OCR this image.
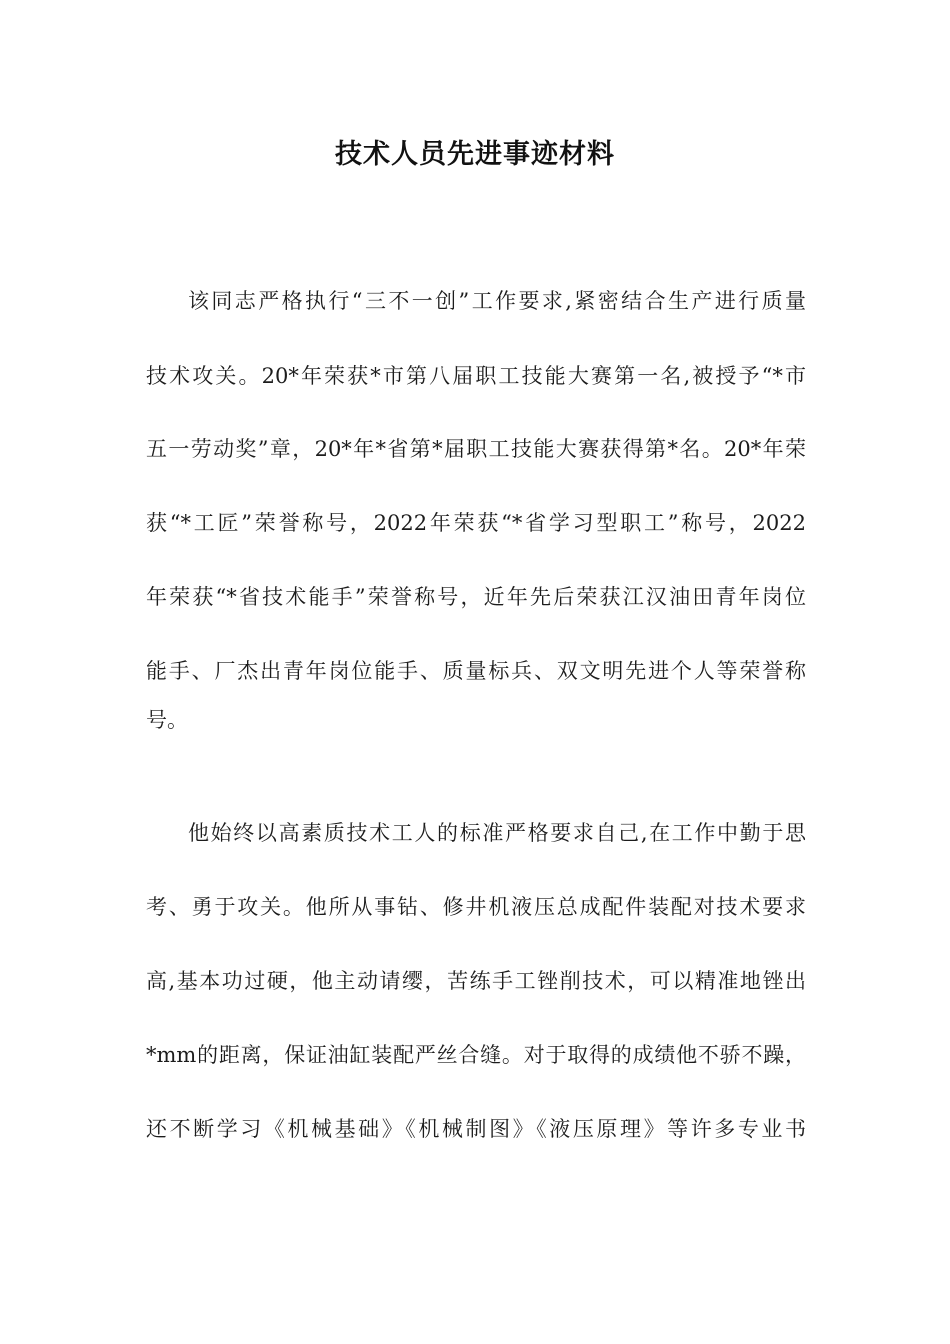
技术人员先进事迹材料
该同志严格执行“三不一创”工作要求,紧密结合生产进行质量
技术攻关。20*年荣获*市第八届职工技能大赛第一名,被授予“*市
五一劳动奖”章，20*年*省第*届职工技能大赛获得第*名。20*年荣
获“*工匠”荣誉称号，2022年荣获“*省学习型职工”称号，2022
年荣获“*省技术能手”荣誉称号，近年先后荣获江汉油田青年岗位
能手、厂杰出青年岗位能手、质量标兵、双文明先进个人等荣誉称
号。
他始终以高素质技术工人的标准严格要求自己,在工作中勤于思
考、勇于攻关。他所从事钻、修井机液压总成配件装配对技术要求
高,基本功过硬，他主动请缨，苦练手工锉削技术，可以精准地锉出
*mm的距离，保证油缸装配严丝合缝。对于取得的成绩他不骄不躁，
还不断学习《机械基础》《机械制图》《液压原理》等许多专业书
